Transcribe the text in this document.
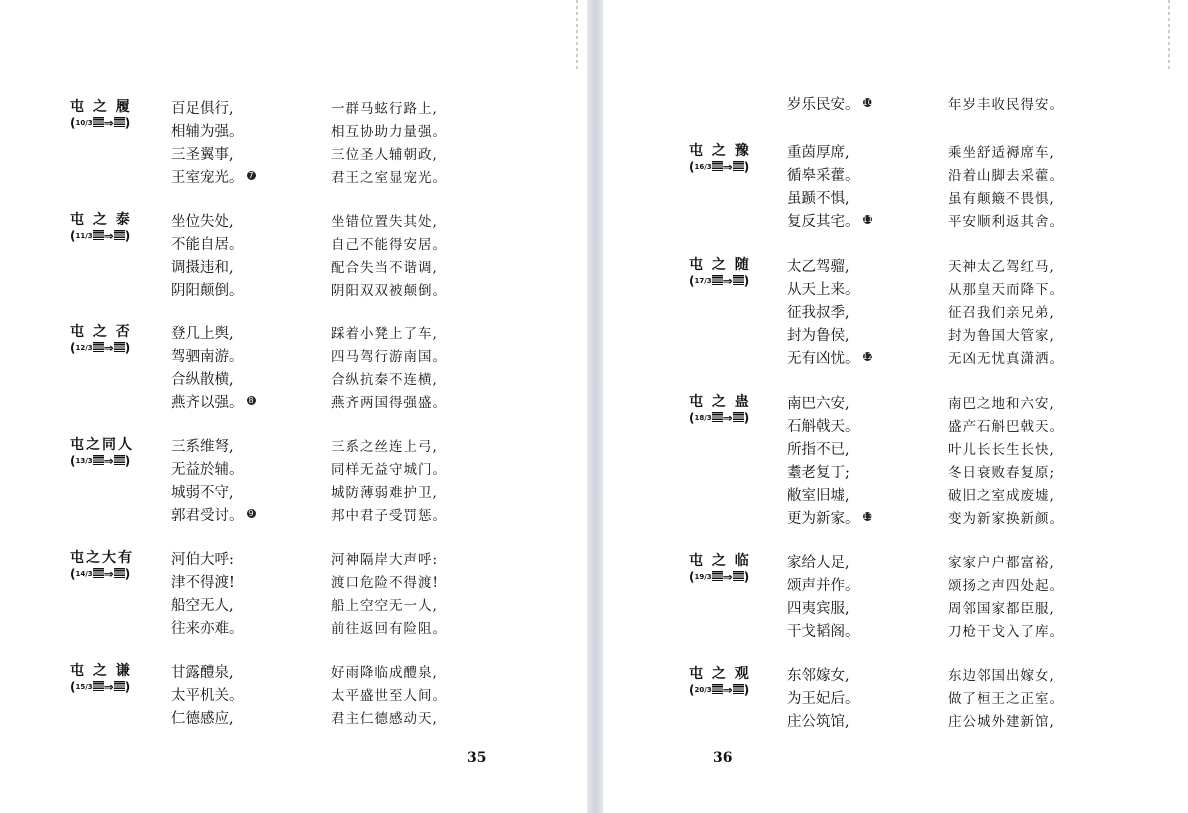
屯 之 履
(10/3 ⇒ )
百足俱行,
相辅为强。
三圣翼事,
王室宠光。 7
一群马蚿行路上,
相互协助力量强。
三位圣人辅朝政,
君王之室显宠光。
屯 之 泰
(11/3 ⇒ )
坐位失处,
不能自居。
调摄违和,
阴阳颠倒。
坐错位置失其处,
自己不能得安居。
配合失当不谐调,
阴阳双双被颠倒。
屯 之 否
(12/3 ⇒ )
登几上舆,
驾驷南游。
合纵散横,
燕齐以强。 8
踩着小凳上了车,
四马驾行游南国。
合纵抗秦不连横,
燕齐两国得强盛。
屯之同人
(13/3 ⇒ )
三系维弩,
无益於辅。
城弱不守,
郭君受讨。 9
三系之丝连上弓,
同样无益守城门。
城防薄弱难护卫,
邦中君子受罚惩。
屯之大有
(14/3 ⇒ )
河伯大呼:
津不得渡!
船空无人,
往来亦难。
河神隔岸大声呼:
渡口危险不得渡!
船上空空无一人,
前往返回有险阻。
屯 之 谦
(15/3 ⇒ )
甘露醴泉,
太平机关。
仁德感应,
好雨降临成醴泉,
太平盛世至人间。
君主仁德感动天,
35
岁乐民安。 10	年岁丰收民得安。
屯 之 豫
(16/3 ⇒ )
重茵厚席,
循皋采藿。
虽踬不惧,
复反其宅。 11
乘坐舒适褥席车,
沿着山脚去采藿。
虽有颠簸不畏惧,
平安顺利返其舍。
屯 之 随
(17/3 ⇒ )
太乙驾骝,
从天上来。
征我叔季,
封为鲁侯,
无有凶忧。 12
天神太乙驾红马,
从那皇天而降下。
征召我们亲兄弟,
封为鲁国大管家,
无凶无忧真潇洒。
屯 之 蛊
(18/3 ⇒ )
南巴六安,
石斛戟天。
所指不已,
耋老复丁;
敝室旧墟,
更为新家。 13
南巴之地和六安,
盛产石斛巴戟天。
叶儿长长生长快,
冬日衰败春复原;
破旧之室成废墟,
变为新家换新颜。
屯 之 临
(19/3 ⇒ )
家给人足,
颂声并作。
四夷宾服,
干戈韬阁。
家家户户都富裕,
颂扬之声四处起。
周邻国家都臣服,
刀枪干戈入了库。
屯 之 观
(20/3 ⇒ )
东邻嫁女,
为王妃后。
庄公筑馆,
东边邻国出嫁女,
做了桓王之正室。
庄公城外建新馆,
36
